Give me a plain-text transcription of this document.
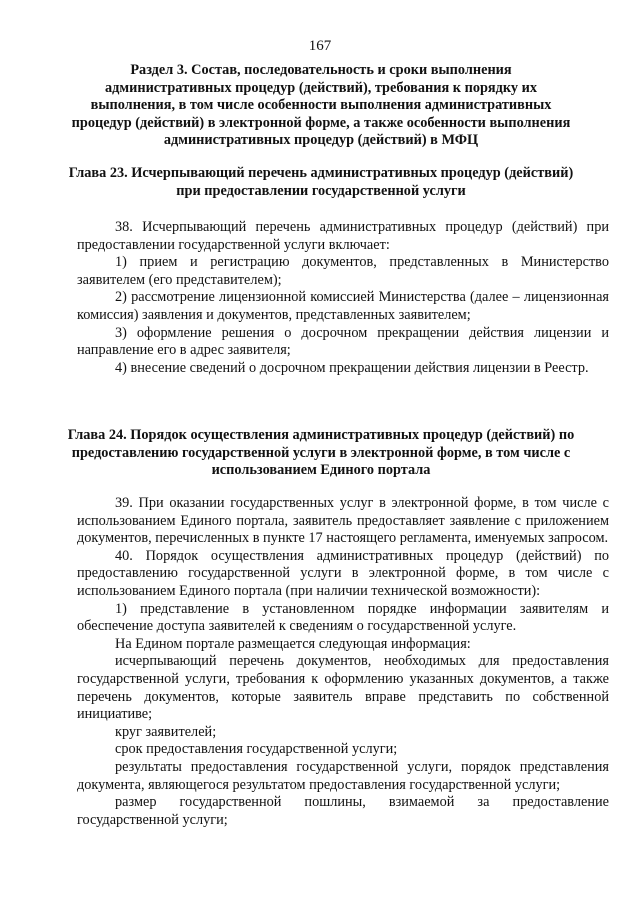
167
Раздел 3. Состав, последовательность и сроки выполнения административных процедур (действий), требования к порядку их выполнения, в том числе особенности выполнения административных процедур (действий) в электронной форме, а также особенности выполнения административных процедур (действий) в МФЦ
Глава 23. Исчерпывающий перечень административных процедур (действий) при предоставлении государственной услуги

38. Исчерпывающий перечень административных процедур (действий) при предоставлении государственной услуги включает:

1) прием и регистрацию документов, представленных в Министерство заявителем (его представителем);

2) рассмотрение лицензионной комиссией Министерства (далее – лицензионная комиссия) заявления и документов, представленных заявителем;

3) оформление решения о досрочном прекращении действия лицензии и направление его в адрес заявителя;

4) внесение сведений о досрочном прекращении действия лицензии в Реестр.

Глава 24. Порядок осуществления административных процедур (действий) по предоставлению государственной услуги в электронной форме, в том числе с использованием Единого портала

39. При оказании государственных услуг в электронной форме, в том числе с использованием Единого портала, заявитель предоставляет заявление с приложением документов, перечисленных в пункте 17 настоящего регламента, именуемых запросом.

40. Порядок осуществления административных процедур (действий) по предоставлению государственной услуги в электронной форме, в том числе с использованием Единого портала (при наличии технической возможности):

1) представление в установленном порядке информации заявителям и обеспечение доступа заявителей к сведениям о государственной услуге.

На Едином портале размещается следующая информация:

исчерпывающий перечень документов, необходимых для предоставления государственной услуги, требования к оформлению указанных документов, а также перечень документов, которые заявитель вправе представить по собственной инициативе;

круг заявителей;

срок предоставления государственной услуги;

результаты предоставления государственной услуги, порядок представления документа, являющегося результатом предоставления государственной услуги;

размер государственной пошлины, взимаемой за предоставление государственной услуги;
